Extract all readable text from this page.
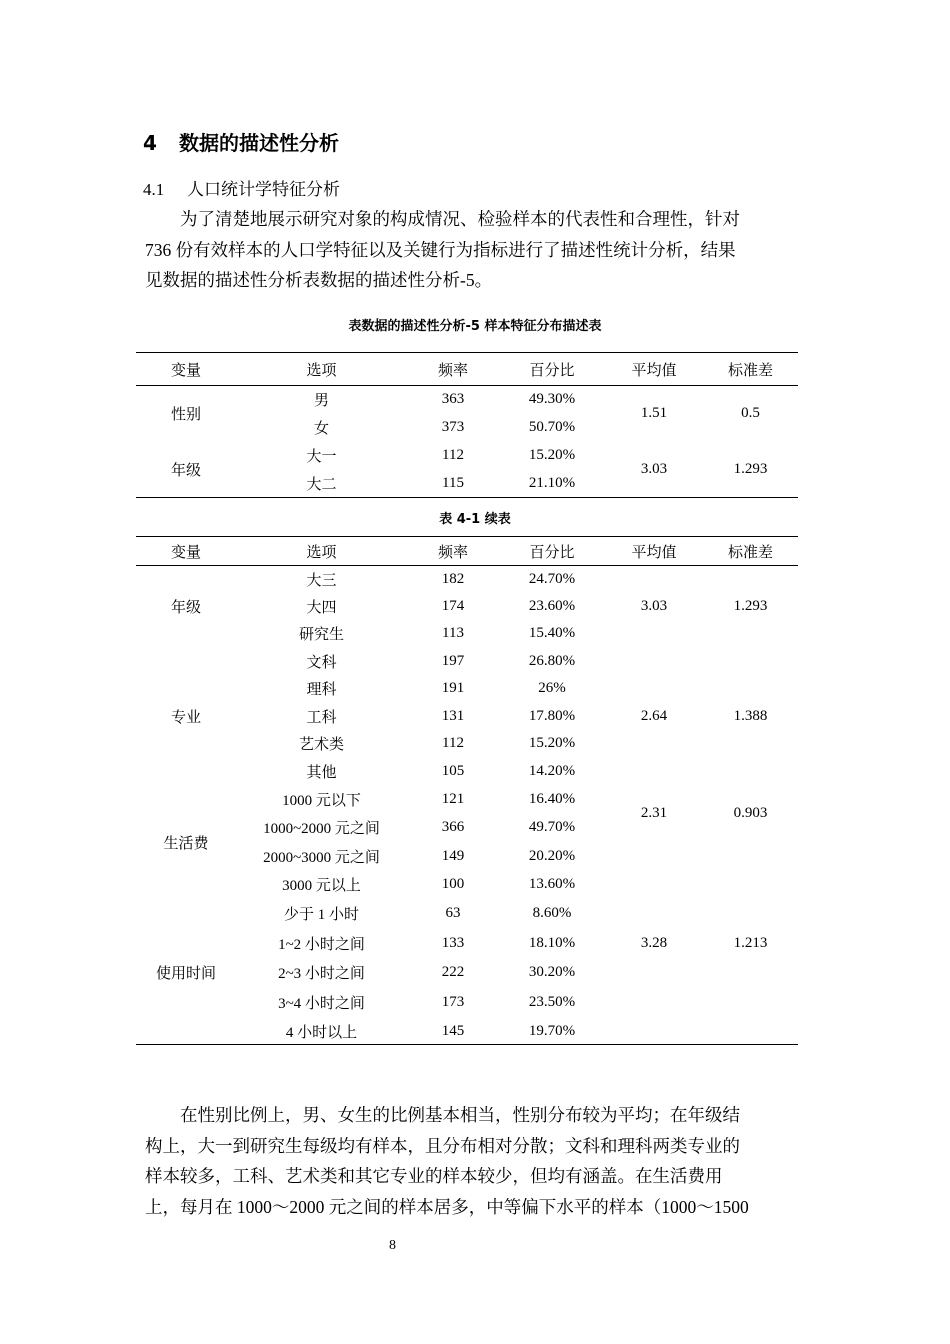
4 数据的描述性分析
4.1 人口统计学特征分析
为了清楚地展示研究对象的构成情况、检验样本的代表性和合理性，针对
736 份有效样本的人口学特征以及关键行为指标进行了描述性统计分析，结果
见数据的描述性分析表数据的描述性分析-5。
表数据的描述性分析-5 样本特征分布描述表
变量	选项	频率	百分比	平均值	标准差
性别	男	363	49.30%	1.51	0.5
	女	373	50.70%		
年级	大一	112	15.20%	3.03	1.293
	大二	115	21.10%		
表 4-1 续表
变量	选项	频率	百分比	平均值	标准差
年级	大三	182	24.70%	3.03	1.293
	大四	174	23.60%		
	研究生	113	15.40%		
专业	文科	197	26.80%	2.64	1.388
	理科	191	26%		
	工科	131	17.80%		
	艺术类	112	15.20%		
	其他	105	14.20%		
生活费	1000 元以下	121	16.40%	2.31	0.903
	1000~2000 元之间	366	49.70%		
	2000~3000 元之间	149	20.20%		
	3000 元以上	100	13.60%		
使用时间	少于 1 小时	63	8.60%	3.28	1.213
	1~2 小时之间	133	18.10%		
	2~3 小时之间	222	30.20%		
	3~4 小时之间	173	23.50%		
	4 小时以上	145	19.70%		
在性别比例上，男、女生的比例基本相当，性别分布较为平均；在年级结
构上，大一到研究生每级均有样本，且分布相对分散；文科和理科两类专业的
样本较多，工科、艺术类和其它专业的样本较少，但均有涵盖。在生活费用
上，每月在 1000～2000 元之间的样本居多，中等偏下水平的样本（1000～1500
8
